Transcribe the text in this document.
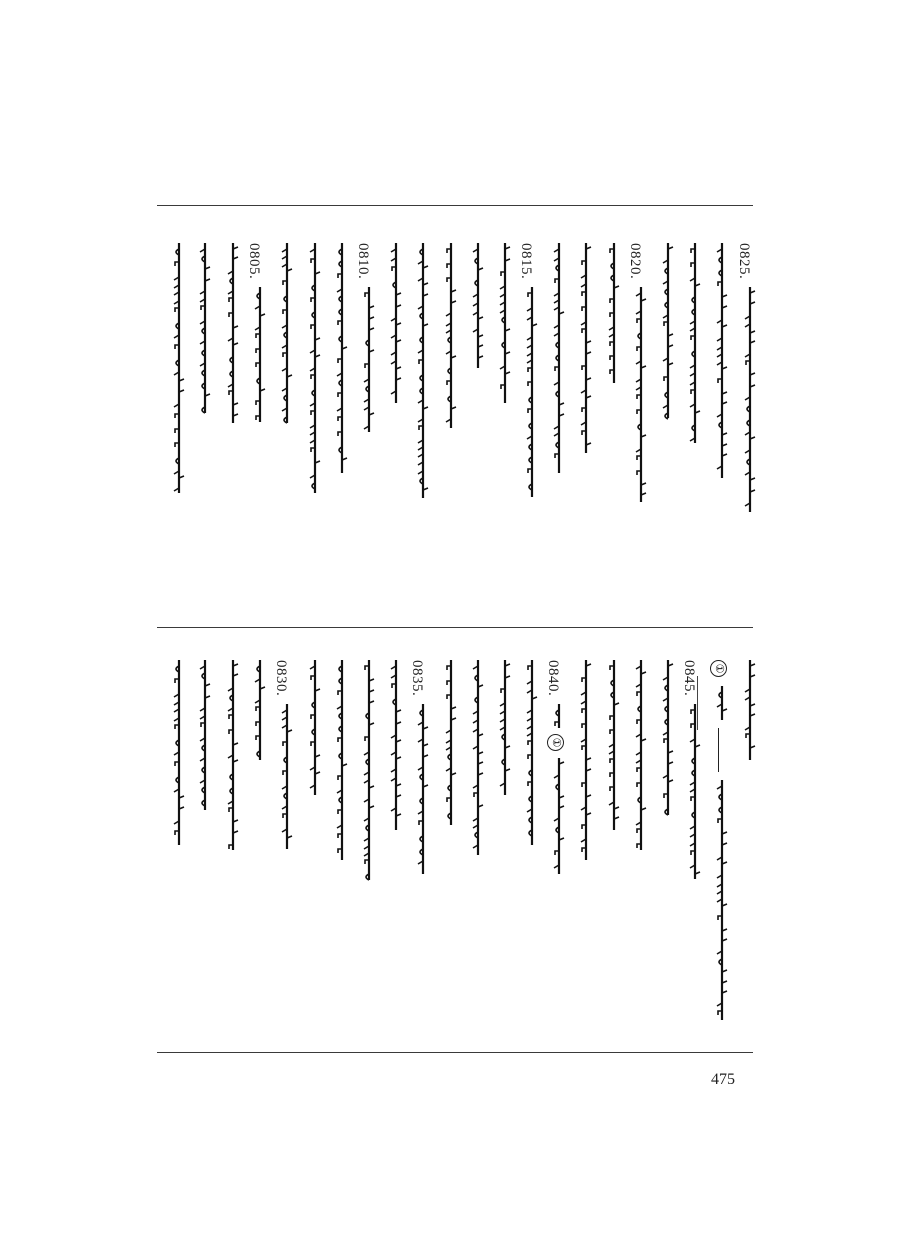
0825.
0820.
0815.
0810.
0805.
①
0845.
0840.
①
0835.
0830.
475
